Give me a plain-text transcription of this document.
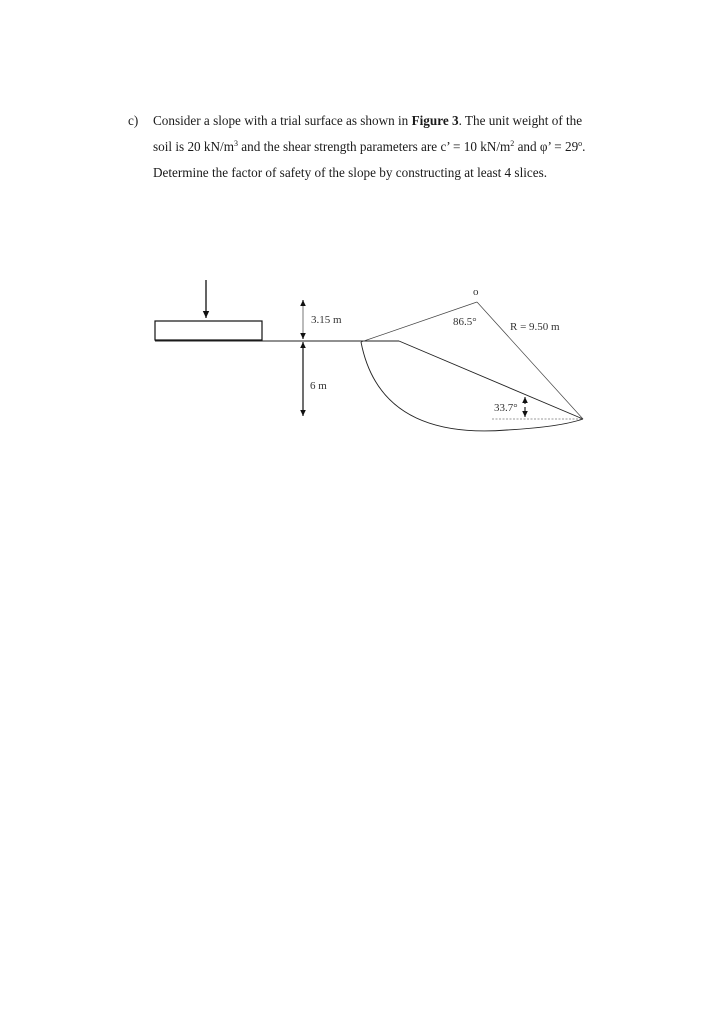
c) Consider a slope with a trial surface as shown in Figure 3. The unit weight of the
soil is 20 $kN/m^3$ and the shear strength parameters are c’ = 10 $kN/m^2$ and φ’ = $29^o$.
Determine the factor of safety of the slope by constructing at least 4 slices.
o
3.15 m
6 m
86.5°	R = 9.50 m
33.7°
